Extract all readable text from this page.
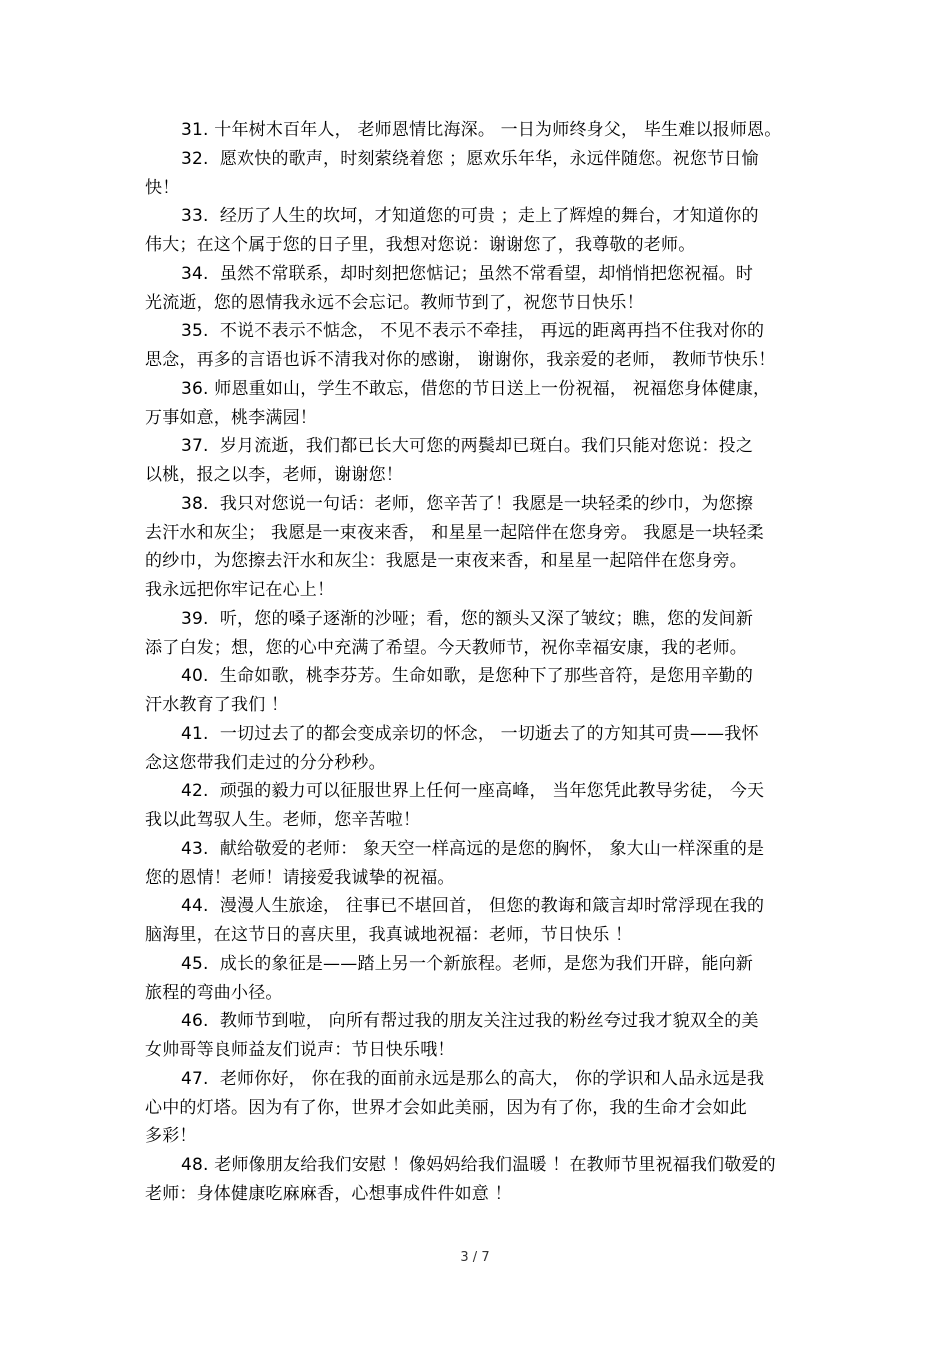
31. 十年树木百年人， 老师恩情比海深。 一日为师终身父， 毕生难以报师恩。
32.  愿欢快的歌声，时刻萦绕着您 ；愿欢乐年华，永远伴随您。祝您节日愉
快！
33.  经历了人生的坎坷，才知道您的可贵 ；走上了辉煌的舞台，才知道你的
伟大；在这个属于您的日子里，我想对您说：谢谢您了，我尊敬的老师。
34.  虽然不常联系，却时刻把您惦记；虽然不常看望，却悄悄把您祝福。时
光流逝，您的恩情我永远不会忘记。教师节到了，祝您节日快乐！
35.  不说不表示不惦念， 不见不表示不牵挂， 再远的距离再挡不住我对你的
思念，再多的言语也诉不清我对你的感谢， 谢谢你，我亲爱的老师， 教师节快乐！
36. 师恩重如山，学生不敢忘，借您的节日送上一份祝福， 祝福您身体健康，
万事如意，桃李满园！
37.  岁月流逝，我们都已长大可您的两鬓却已斑白。我们只能对您说：投之
以桃，报之以李，老师，谢谢您！
38.  我只对您说一句话：老师，您辛苦了！我愿是一块轻柔的纱巾，为您擦
去汗水和灰尘； 我愿是一束夜来香， 和星星一起陪伴在您身旁。 我愿是一块轻柔
的纱巾，为您擦去汗水和灰尘：我愿是一束夜来香，和星星一起陪伴在您身旁。
我永远把你牢记在心上！
39.  听，您的嗓子逐渐的沙哑；看，您的额头又深了皱纹；瞧，您的发间新
添了白发；想，您的心中充满了希望。今天教师节，祝你幸福安康，我的老师。
40.  生命如歌，桃李芬芳。生命如歌，是您种下了那些音符，是您用辛勤的
汗水教育了我们 ！
41.  一切过去了的都会变成亲切的怀念， 一切逝去了的方知其可贵——我怀
念这您带我们走过的分分秒秒。
42.  顽强的毅力可以征服世界上任何一座高峰， 当年您凭此教导劣徒， 今天
我以此驾驭人生。老师，您辛苦啦！
43.  献给敬爱的老师： 象天空一样高远的是您的胸怀， 象大山一样深重的是
您的恩情！老师！请接爱我诚挚的祝福。
44.  漫漫人生旅途， 往事已不堪回首， 但您的教诲和箴言却时常浮现在我的
脑海里，在这节日的喜庆里，我真诚地祝福：老师，节日快乐 ！
45.  成长的象征是——踏上另一个新旅程。老师，是您为我们开辟，能向新
旅程的弯曲小径。
46.  教师节到啦， 向所有帮过我的朋友关注过我的粉丝夸过我才貌双全的美
女帅哥等良师益友们说声：节日快乐哦！
47.  老师你好， 你在我的面前永远是那么的高大， 你的学识和人品永远是我
心中的灯塔。因为有了你，世界才会如此美丽，因为有了你，我的生命才会如此
多彩！
48. 老师像朋友给我们安慰 ！像妈妈给我们温暖 ！在教师节里祝福我们敬爱的
老师：身体健康吃麻麻香，心想事成件件如意 ！
3 / 7
